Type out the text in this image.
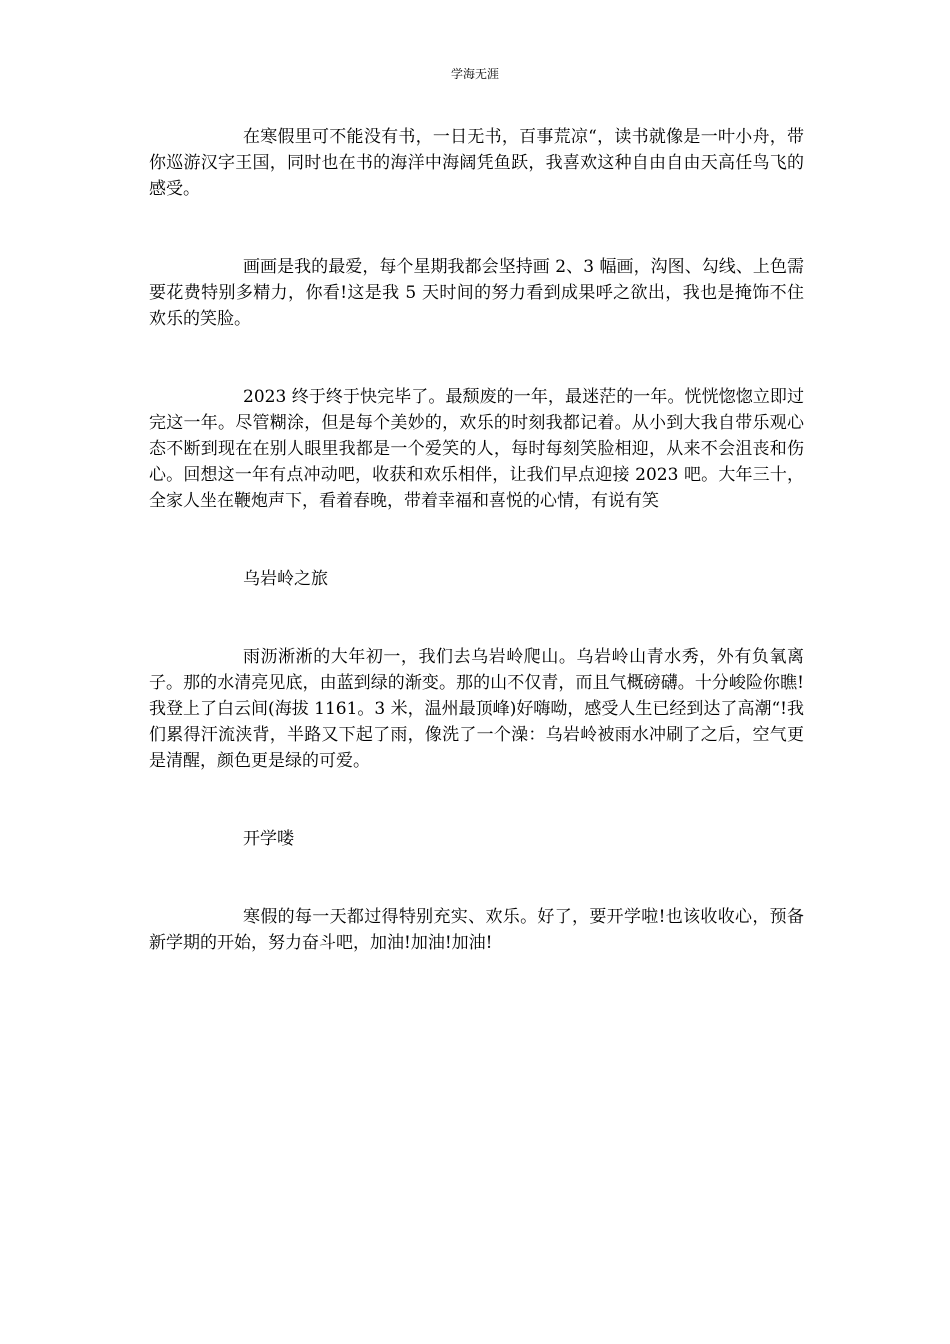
学海无涯

在寒假里可不能没有书，一日无书，百事荒凉“，读书就像是一叶小舟，带你巡游汉字王国，同时也在书的海洋中海阔凭鱼跃，我喜欢这种自由自由天高任鸟飞的感受。

画画是我的最爱，每个星期我都会坚持画 2、3 幅画，沟图、勾线、上色需要花费特别多精力，你看!这是我 5 天时间的努力看到成果呼之欲出，我也是掩饰不住欢乐的笑脸。

2023 终于终于快完毕了。最颓废的一年，最迷茫的一年。恍恍惚惚立即过完这一年。尽管糊涂，但是每个美妙的，欢乐的时刻我都记着。从小到大我自带乐观心态不断到现在在别人眼里我都是一个爱笑的人，每时每刻笑脸相迎，从来不会沮丧和伤心。回想这一年有点冲动吧，收获和欢乐相伴，让我们早点迎接 2023 吧。大年三十，全家人坐在鞭炮声下，看着春晚，带着幸福和喜悦的心情，有说有笑

乌岩岭之旅

雨沥淅淅的大年初一，我们去乌岩岭爬山。乌岩岭山青水秀，外有负氧离子。那的水清亮见底，由蓝到绿的渐变。那的山不仅青，而且气概磅礴。十分峻险你瞧!我登上了白云间(海拔 1161。3 米，温州最顶峰)好嗨呦，感受人生已经到达了高潮“!我们累得汗流浃背，半路又下起了雨，像洗了一个澡：乌岩岭被雨水冲刷了之后，空气更是清醒，颜色更是绿的可爱。

开学喽

寒假的每一天都过得特别充实、欢乐。好了，要开学啦!也该收收心，预备新学期的开始，努力奋斗吧，加油!加油!加油!
